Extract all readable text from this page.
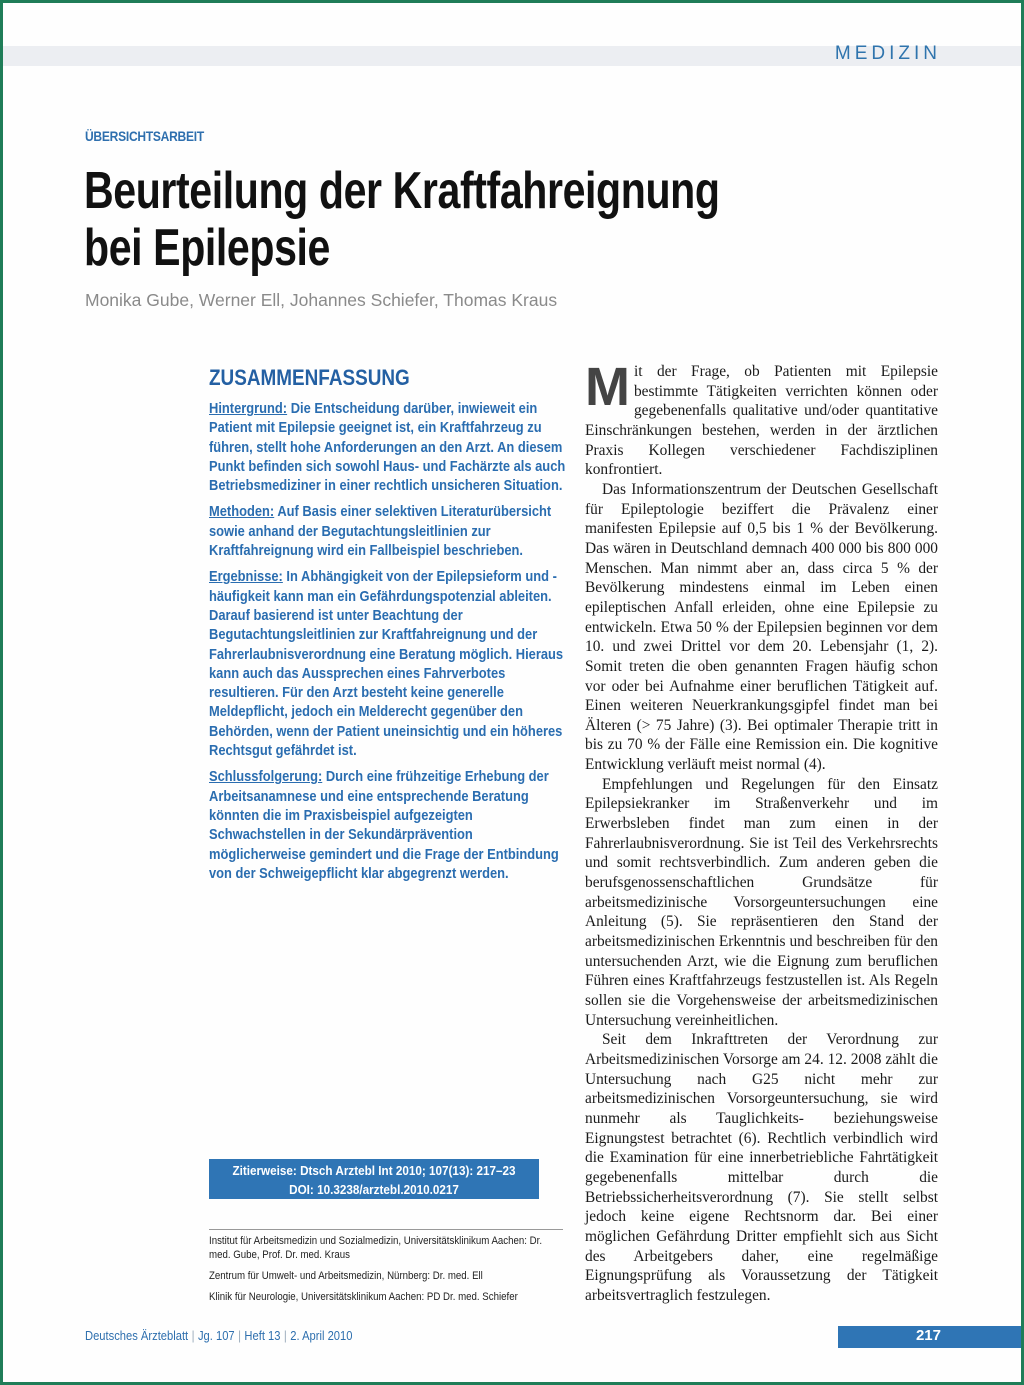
MEDIZIN
ÜBERSICHTSARBEIT
Beurteilung der Kraftfahreignung
bei Epilepsie
Monika Gube, Werner Ell, Johannes Schiefer, Thomas Kraus
ZUSAMMENFASSUNG

Hintergrund: Die Entscheidung darüber, inwieweit ein Patient mit Epilepsie geeignet ist, ein Kraftfahrzeug zu führen, stellt hohe Anforderungen an den Arzt. An diesem Punkt befinden sich sowohl Haus- und Fachärzte als auch Betriebsmediziner in einer rechtlich unsicheren Situation.

Methoden: Auf Basis einer selektiven Literaturübersicht sowie anhand der Begutachtungsleitlinien zur Kraftfahreignung wird ein Fallbeispiel beschrieben.

Ergebnisse: In Abhängigkeit von der Epilepsieform und -häufigkeit kann man ein Gefährdungspotenzial ableiten. Darauf basierend ist unter Beachtung der Begutachtungsleitlinien zur Kraftfahreignung und der Fahrerlaubnisverordnung eine Beratung möglich. Hieraus kann auch das Aussprechen eines Fahrverbotes resultieren. Für den Arzt besteht keine generelle Meldepflicht, jedoch ein Melderecht gegenüber den Behörden, wenn der Patient uneinsichtig und ein höheres Rechtsgut gefährdet ist.

Schlussfolgerung: Durch eine frühzeitige Erhebung der Arbeitsanamnese und eine entsprechende Beratung könnten die im Praxisbeispiel aufgezeigten Schwachstellen in der Sekundärprävention möglicherweise gemindert und die Frage der Entbindung von der Schweigepflicht klar abgegrenzt werden.

Zitierweise: Dtsch Arztebl Int 2010; 107(13): 217–23
DOI: 10.3238/arztebl.2010.0217

Institut für Arbeitsmedizin und Sozialmedizin, Universitätsklinikum Aachen: Dr. med. Gube, Prof. Dr. med. Kraus

Zentrum für Umwelt- und Arbeitsmedizin, Nürnberg: Dr. med. Ell

Klinik für Neurologie, Universitätsklinikum Aachen: PD Dr. med. Schiefer

Mit der Frage, ob Patienten mit Epilepsie bestimmte Tätigkeiten verrichten können oder gegebenenfalls qualitative und/oder quantitative Einschränkungen bestehen, werden in der ärztlichen Praxis Kollegen verschiedener Fachdisziplinen konfrontiert.

Das Informationszentrum der Deutschen Gesellschaft für Epileptologie beziffert die Prävalenz einer manifesten Epilepsie auf 0,5 bis 1 % der Bevölkerung. Das wären in Deutschland demnach 400 000 bis 800 000 Menschen. Man nimmt aber an, dass circa 5 % der Bevölkerung mindestens einmal im Leben einen epileptischen Anfall erleiden, ohne eine Epilepsie zu entwickeln. Etwa 50 % der Epilepsien beginnen vor dem 10. und zwei Drittel vor dem 20. Lebensjahr (1, 2). Somit treten die oben genannten Fragen häufig schon vor oder bei Aufnahme einer beruflichen Tätigkeit auf. Einen weiteren Neuerkrankungsgipfel findet man bei Älteren (> 75 Jahre) (3). Bei optimaler Therapie tritt in bis zu 70 % der Fälle eine Remission ein. Die kognitive Entwicklung verläuft meist normal (4).

Empfehlungen und Regelungen für den Einsatz Epilepsiekranker im Straßenverkehr und im Erwerbsleben findet man zum einen in der Fahrerlaubnisverordnung. Sie ist Teil des Verkehrsrechts und somit rechtsverbindlich. Zum anderen geben die berufsgenossenschaftlichen Grundsätze für arbeitsmedizinische Vorsorgeuntersuchungen eine Anleitung (5). Sie repräsentieren den Stand der arbeitsmedizinischen Erkenntnis und beschreiben für den untersuchenden Arzt, wie die Eignung zum beruflichen Führen eines Kraftfahrzeugs festzustellen ist. Als Regeln sollen sie die Vorgehensweise der arbeitsmedizinischen Untersuchung vereinheitlichen.

Seit dem Inkrafttreten der Verordnung zur Arbeitsmedizinischen Vorsorge am 24. 12. 2008 zählt die Untersuchung nach G25 nicht mehr zur arbeitsmedizinischen Vorsorgeuntersuchung, sie wird nunmehr als Tauglichkeits- beziehungsweise Eignungstest betrachtet (6). Rechtlich verbindlich wird die Examination für eine innerbetriebliche Fahrtätigkeit gegebenenfalls mittelbar durch die Betriebssicherheitsverordnung (7). Sie stellt selbst jedoch keine eigene Rechtsnorm dar. Bei einer möglichen Gefährdung Dritter empfiehlt sich aus Sicht des Arbeitgebers daher, eine regelmäßige Eignungsprüfung als Voraussetzung der Tätigkeit arbeitsvertraglich festzulegen.

Deutsches Ärzteblatt | Jg. 107 | Heft 13 | 2. April 2010	217
